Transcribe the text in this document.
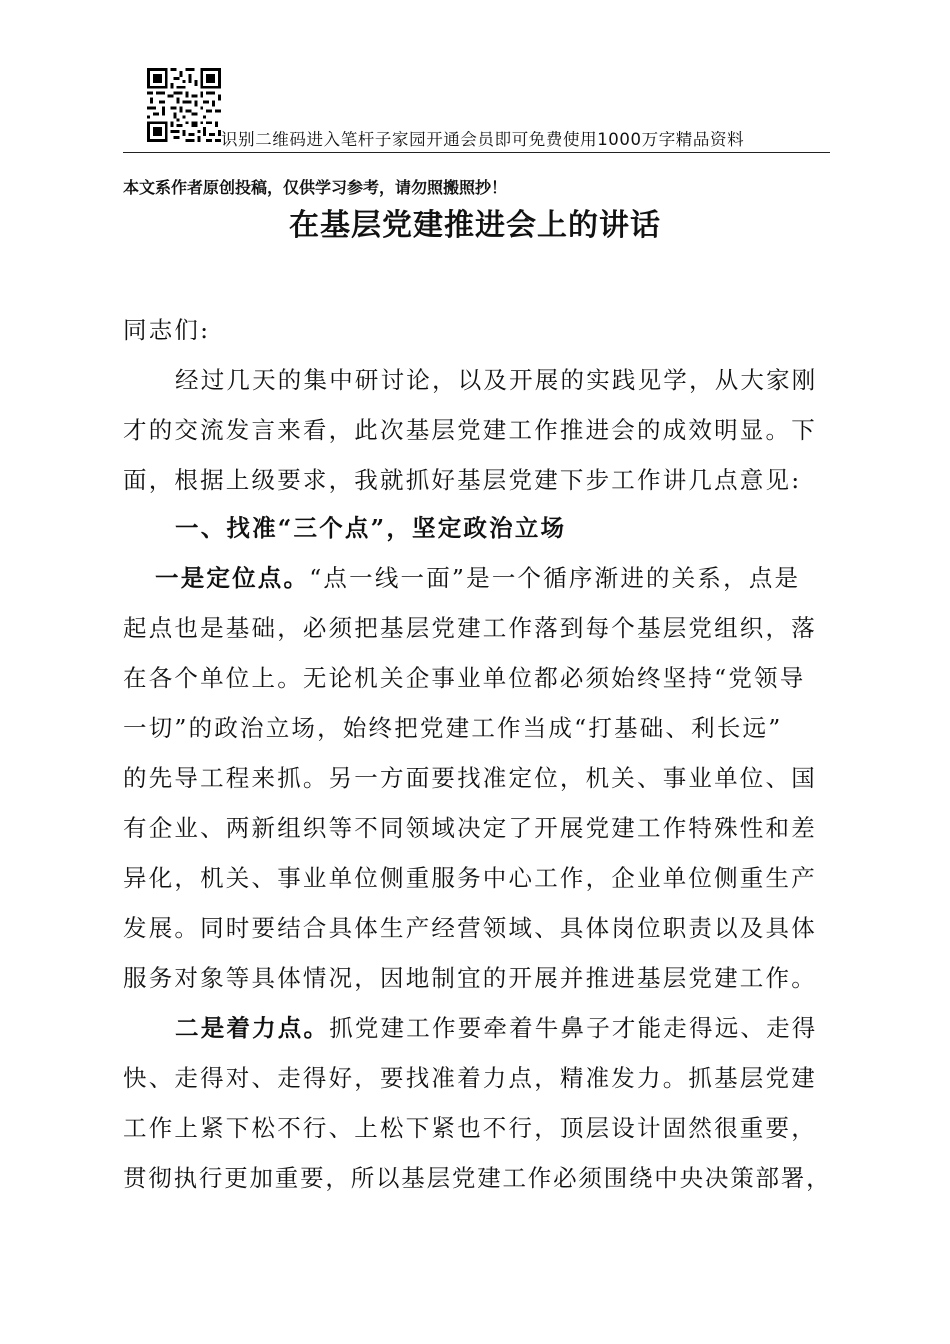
识别二维码进入笔杆子家园开通会员即可免费使用1000万字精品资料
本文系作者原创投稿，仅供学习参考，请勿照搬照抄！
在基层党建推进会上的讲话
同志们:
经过几天的集中研讨论，以及开展的实践见学，从大家刚
才的交流发言来看，此次基层党建工作推进会的成效明显。下
面，根据上级要求，我就抓好基层党建下步工作讲几点意见:
一、找准“三个点”，坚定政治立场
一是定位点。“点一线一面”是一个循序渐进的关系，点是
起点也是基础，必须把基层党建工作落到每个基层党组织，落
在各个单位上。无论机关企事业单位都必须始终坚持“党领导
一切”的政治立场，始终把党建工作当成“打基础、利长远”
的先导工程来抓。另一方面要找准定位，机关、事业单位、国
有企业、两新组织等不同领域决定了开展党建工作特殊性和差
异化，机关、事业单位侧重服务中心工作，企业单位侧重生产
发展。同时要结合具体生产经营领域、具体岗位职责以及具体
服务对象等具体情况，因地制宜的开展并推进基层党建工作。
二是着力点。抓党建工作要牵着牛鼻子才能走得远、走得
快、走得对、走得好，要找准着力点，精准发力。抓基层党建
工作上紧下松不行、上松下紧也不行，顶层设计固然很重要，
贯彻执行更加重要，所以基层党建工作必须围绕中央决策部署，
